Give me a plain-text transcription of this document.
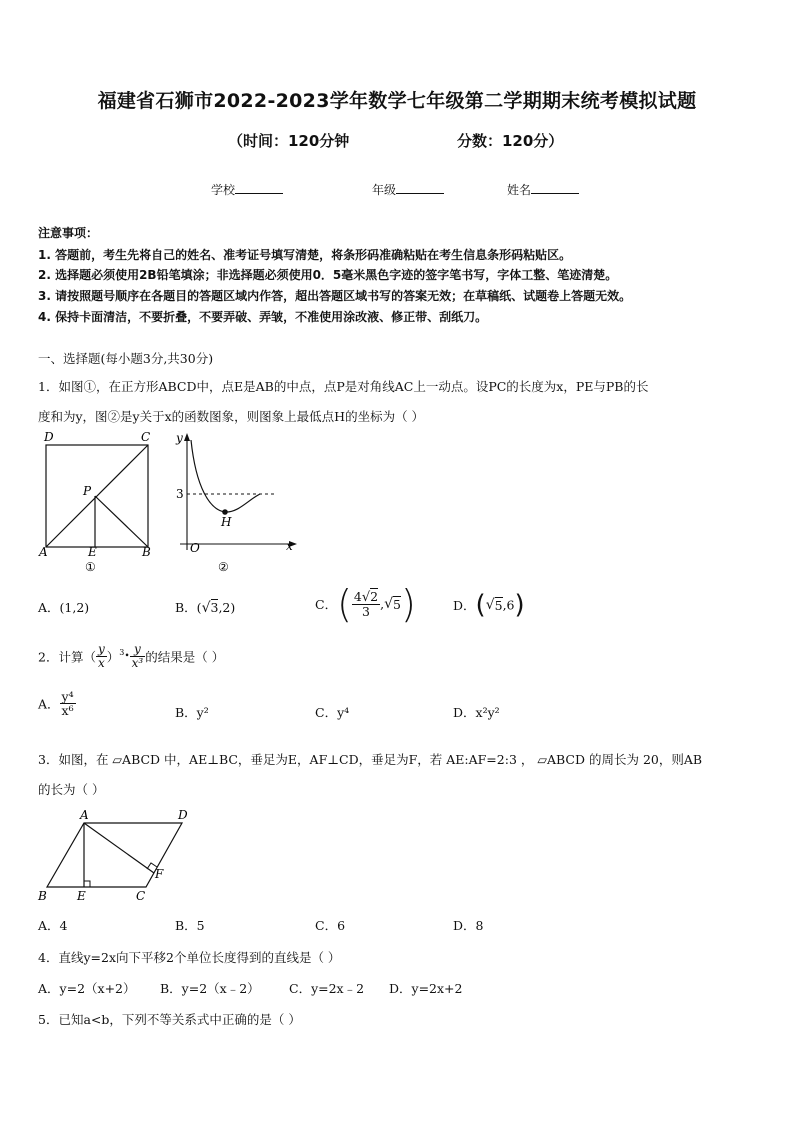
福建省石狮市2022-2023学年数学七年级第二学期期末统考模拟试题
（时间：120分钟	分数：120分）
学校	年级	姓名
注意事项：
1. 答题前，考生先将自己的姓名、准考证号填写清楚，将条形码准确粘贴在考生信息条形码粘贴区。
2. 选择题必须使用2B铅笔填涂；非选择题必须使用0．5毫米黑色字迹的签字笔书写，字体工整、笔迹清楚。
3. 请按照题号顺序在各题目的答题区域内作答，超出答题区域书写的答案无效；在草稿纸、试题卷上答题无效。
4. 保持卡面清洁，不要折叠，不要弄破、弄皱，不准使用涂改液、修正带、刮纸刀。
一、选择题(每小题3分,共30分)
1．如图①，在正方形ABCD中，点E是AB的中点，点P是对角线AC上一动点。设PC的长度为x，PE与PB的长
度和为y，图②是y关于x的函数图象，则图象上最低点H的坐标为（ ）
D	C
P
A	E	B
①
y
3
H
O	x
②
A．(1,2)	B．(√3,2)	C．( $\frac{4√2}{3} ,√5$)	D．(√5,6)
2．计算（ $\frac{y}{x}$ ）$^3$• $\frac{y}{\text{x³}}$ 的结果是（ ）
A． $\frac{\text{y⁴}}{\text{x⁶}}$	B．y²	C．y⁴	D．x²y²
3．如图，在 ▱ABCD 中，AE⊥BC，垂足为E，AF⊥CD，垂足为F，若 AE:AF=2:3 ， ▱ABCD 的周长为 20，则AB
的长为（ ）
A	D
F
B	E	C
A．4	B．5	C．6	D．8
4．直线y=2x向下平移2个单位长度得到的直线是（ ）
A．y=2（x+2） B．y=2（x﹣2） C．y=2x﹣2 D．y=2x+2
5．已知a<b，下列不等关系式中正确的是（ ）
